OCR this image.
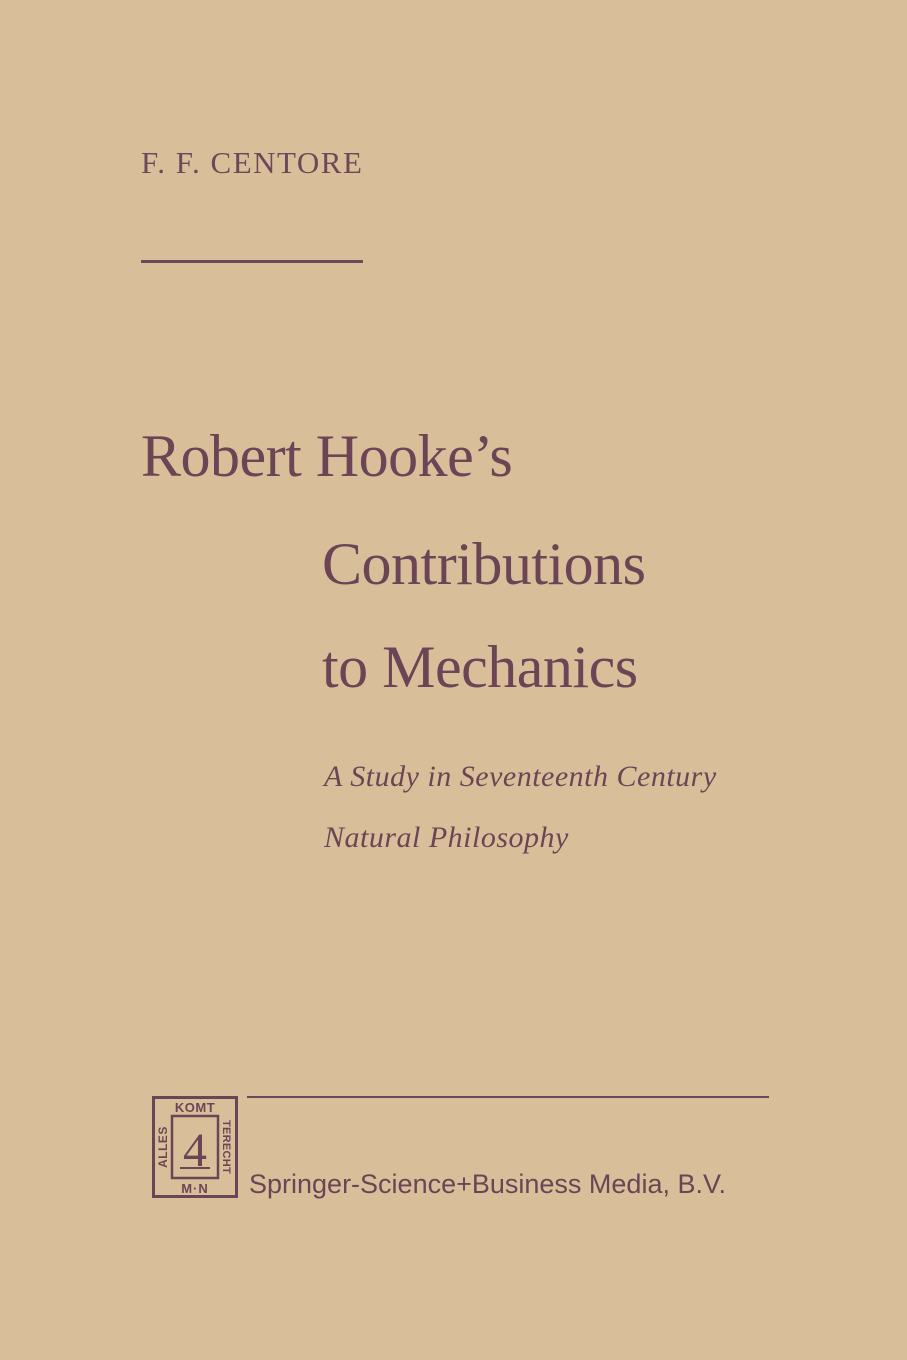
F. F. CENTORE
Robert Hooke’s
Contributions
to Mechanics
A Study in Seventeenth Century
Natural Philosophy
KOMT
M·N
ALLES	TERECHT
4
Springer-Science+Business Media, B.V.
